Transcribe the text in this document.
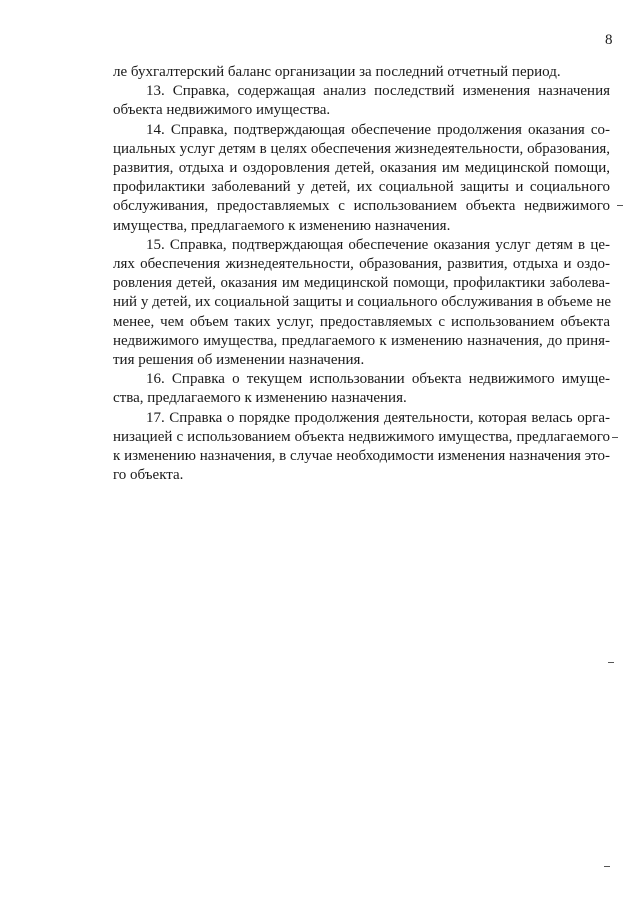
8
ле бухгалтерский баланс организации за последний отчетный период.
13. Справка, содержащая анализ последствий изменения назначения
объекта недвижимого имущества.
14. Справка, подтверждающая обеспечение продолжения оказания со-
циальных услуг детям в целях обеспечения жизнедеятельности, образования,
развития, отдыха и оздоровления детей, оказания им медицинской помощи,
профилактики заболеваний у детей, их социальной защиты и социального
обслуживания, предоставляемых с использованием объекта недвижимого
имущества, предлагаемого к изменению назначения.
15. Справка, подтверждающая обеспечение оказания услуг детям в це-
лях обеспечения жизнедеятельности, образования, развития, отдыха и оздо-
ровления детей, оказания им медицинской помощи, профилактики заболева-
ний у детей, их социальной защиты и социального обслуживания в объеме не
менее, чем объем таких услуг, предоставляемых с использованием объекта
недвижимого имущества, предлагаемого к изменению назначения, до приня-
тия решения об изменении назначения.
16. Справка о текущем использовании объекта недвижимого имуще-
ства, предлагаемого к изменению назначения.
17. Справка о порядке продолжения деятельности, которая велась орга-
низацией с использованием объекта недвижимого имущества, предлагаемого
к изменению назначения, в случае необходимости изменения назначения это-
го объекта.
